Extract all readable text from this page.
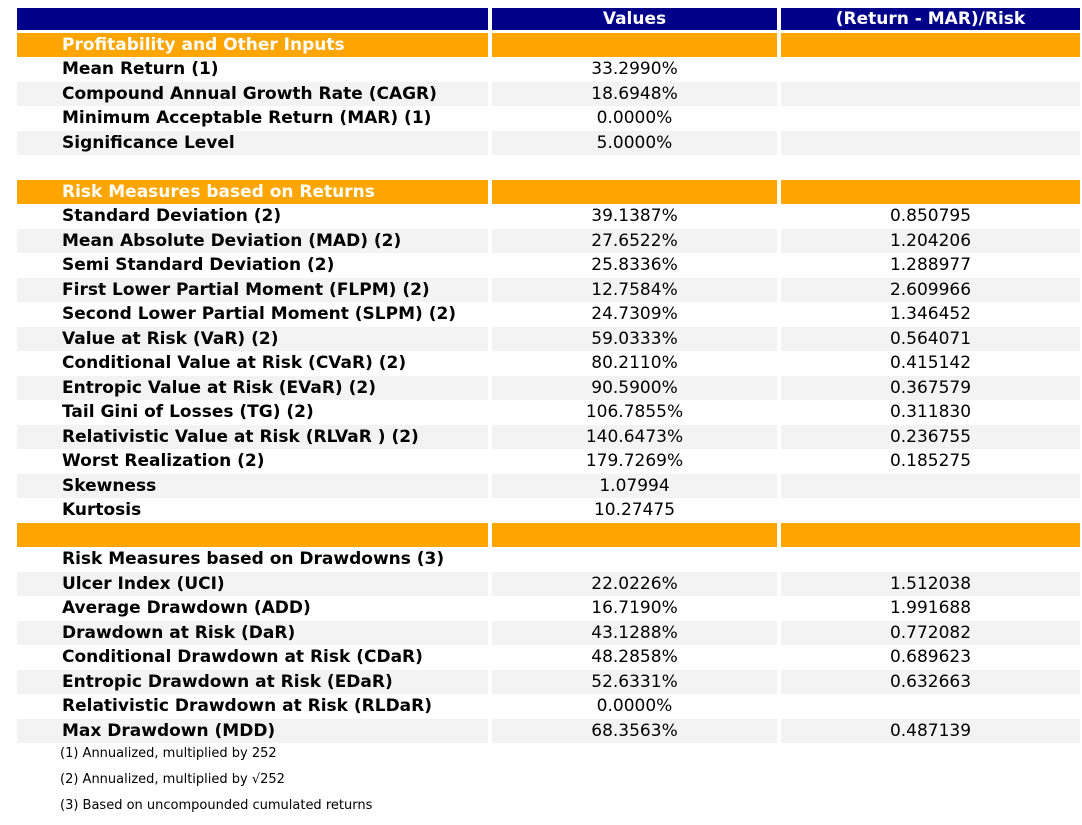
Values	(Return - MAR)/Risk
Profitability and Other Inputs
Mean Return (1)	33.2990%
Compound Annual Growth Rate (CAGR)	18.6948%
Minimum Acceptable Return (MAR) (1)	0.0000%
Significance Level	5.0000%
Risk Measures based on Returns
Standard Deviation (2)	39.1387%	0.850795
Mean Absolute Deviation (MAD) (2)	27.6522%	1.204206
Semi Standard Deviation (2)	25.8336%	1.288977
First Lower Partial Moment (FLPM) (2)	12.7584%	2.609966
Second Lower Partial Moment (SLPM) (2)	24.7309%	1.346452
Value at Risk (VaR) (2)	59.0333%	0.564071
Conditional Value at Risk (CVaR) (2)	80.2110%	0.415142
Entropic Value at Risk (EVaR) (2)	90.5900%	0.367579
Tail Gini of Losses (TG) (2)	106.7855%	0.311830
Relativistic Value at Risk (RLVaR ) (2)	140.6473%	0.236755
Worst Realization (2)	179.7269%	0.185275
Skewness	1.07994
Kurtosis	10.27475
Risk Measures based on Drawdowns (3)
Ulcer Index (UCI)	22.0226%	1.512038
Average Drawdown (ADD)	16.7190%	1.991688
Drawdown at Risk (DaR)	43.1288%	0.772082
Conditional Drawdown at Risk (CDaR)	48.2858%	0.689623
Entropic Drawdown at Risk (EDaR)	52.6331%	0.632663
Relativistic Drawdown at Risk (RLDaR)	0.0000%
Max Drawdown (MDD)	68.3563%	0.487139

(1) Annualized, multiplied by 252

(2) Annualized, multiplied by √252

(3) Based on uncompounded cumulated returns
